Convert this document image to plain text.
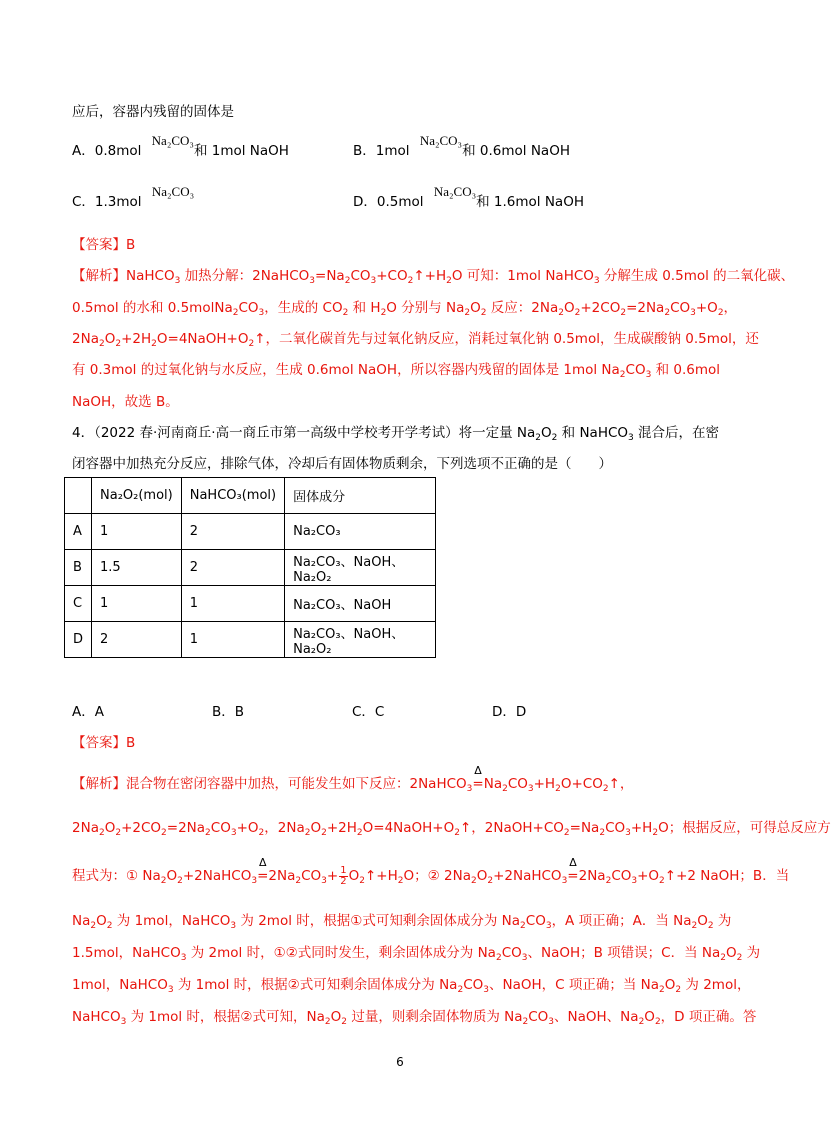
应后，容器内残留的固体是
A．0.8mol Na₂CO₃和 1mol NaOH	B．1mol Na₂CO₃和 0.6mol NaOH
C．1.3mol Na₂CO₃
D．0.5mol Na₂CO₃和 1.6mol NaOH
【答案】B
【解析】NaHCO$_3$ 加热分解：$2NaHCO_3=Na_2CO_3+CO_2↑+H_2O$ 可知：1mol NaHCO$_3$ 分解生成 0.5mol 的二氧化碳、
0.5mol 的水和 $0.5molNa_2CO_3$，生成的 $CO_2$ 和 $H_2O$ 分别与 $Na_2O_2$ 反应：$2Na_2O_2+2CO_2=2Na_2CO_3+O_2$，
$2Na_2O_2+2H_2O=4NaOH+O_2↑$，二氧化碳首先与过氧化钠反应，消耗过氧化钠 0.5mol，生成碳酸钠 0.5mol，还
有 0.3mol 的过氧化钠与水反应，生成 0.6mol NaOH，所以容器内残留的固体是 1mol $Na_2CO_3$ 和 0.6mol
NaOH，故选 B。
4．（2022 春·河南商丘·高一商丘市第一高级中学校考开学考试）将一定量 $Na_2O_2$ 和 NaHCO$_3$ 混合后，在密
闭容器中加热充分反应，排除气体，冷却后有固体物质剩余，下列选项不正确的是（　　）
	Na₂O₂(mol)	NaHCO₃(mol)	固体成分
A	1	2	Na₂CO₃
B	1.5	2	Na₂CO₃、NaOH、Na₂O₂
C	1	1	Na₂CO₃、NaOH
D	2	1	Na₂CO₃、NaOH、Na₂O₂
A．A	B．B	C．C	D．D
【答案】B
【解析】混合物在密闭容器中加热，可能发生如下反应：2NaHCO$_3$Δ $=Na_2CO_3+H_2O+CO_2↑$，
$2Na_2O_2+2CO_2=2Na_2CO_3+O_2$，$2Na_2O_2+2H_2O=4NaOH+O_2↑$，$2NaOH+CO_2=Na_2CO_3+H_2O$；根据反应，可得总反应方
程式为：① $Na_2O_2+2NaHCO_3\Delta =2Na_2CO_3+ \frac{1}{2}$ $O_2↑+H_2O$；② $2Na_2O_2+2NaHCO_3\Delta$ $=2Na_2CO_3+O_2↑+2$ NaOH；B．当
$Na_2O_2$ 为 1mol，NaHCO$_3$ 为 2mol 时，根据①式可知剩余固体成分为 $Na_2CO_3$，A 项正确；A．当 $Na_2O_2$ 为
1.5mol，NaHCO$_3$ 为 2mol 时，①②式同时发生，剩余固体成分为 $Na_2CO_3$、NaOH；B 项错误；C．当 $Na_2O_2$ 为
1mol，NaHCO$_3$ 为 1mol 时，根据②式可知剩余固体成分为 $Na_2CO_3$、NaOH，C 项正确；当 $Na_2O_2$ 为 2mol，
NaHCO$_3$ 为 1mol 时，根据②式可知，$Na_2O_2$ 过量，则剩余固体物质为 $Na_2CO_3$、NaOH、$Na_2O_2$，D 项正确。答
6
